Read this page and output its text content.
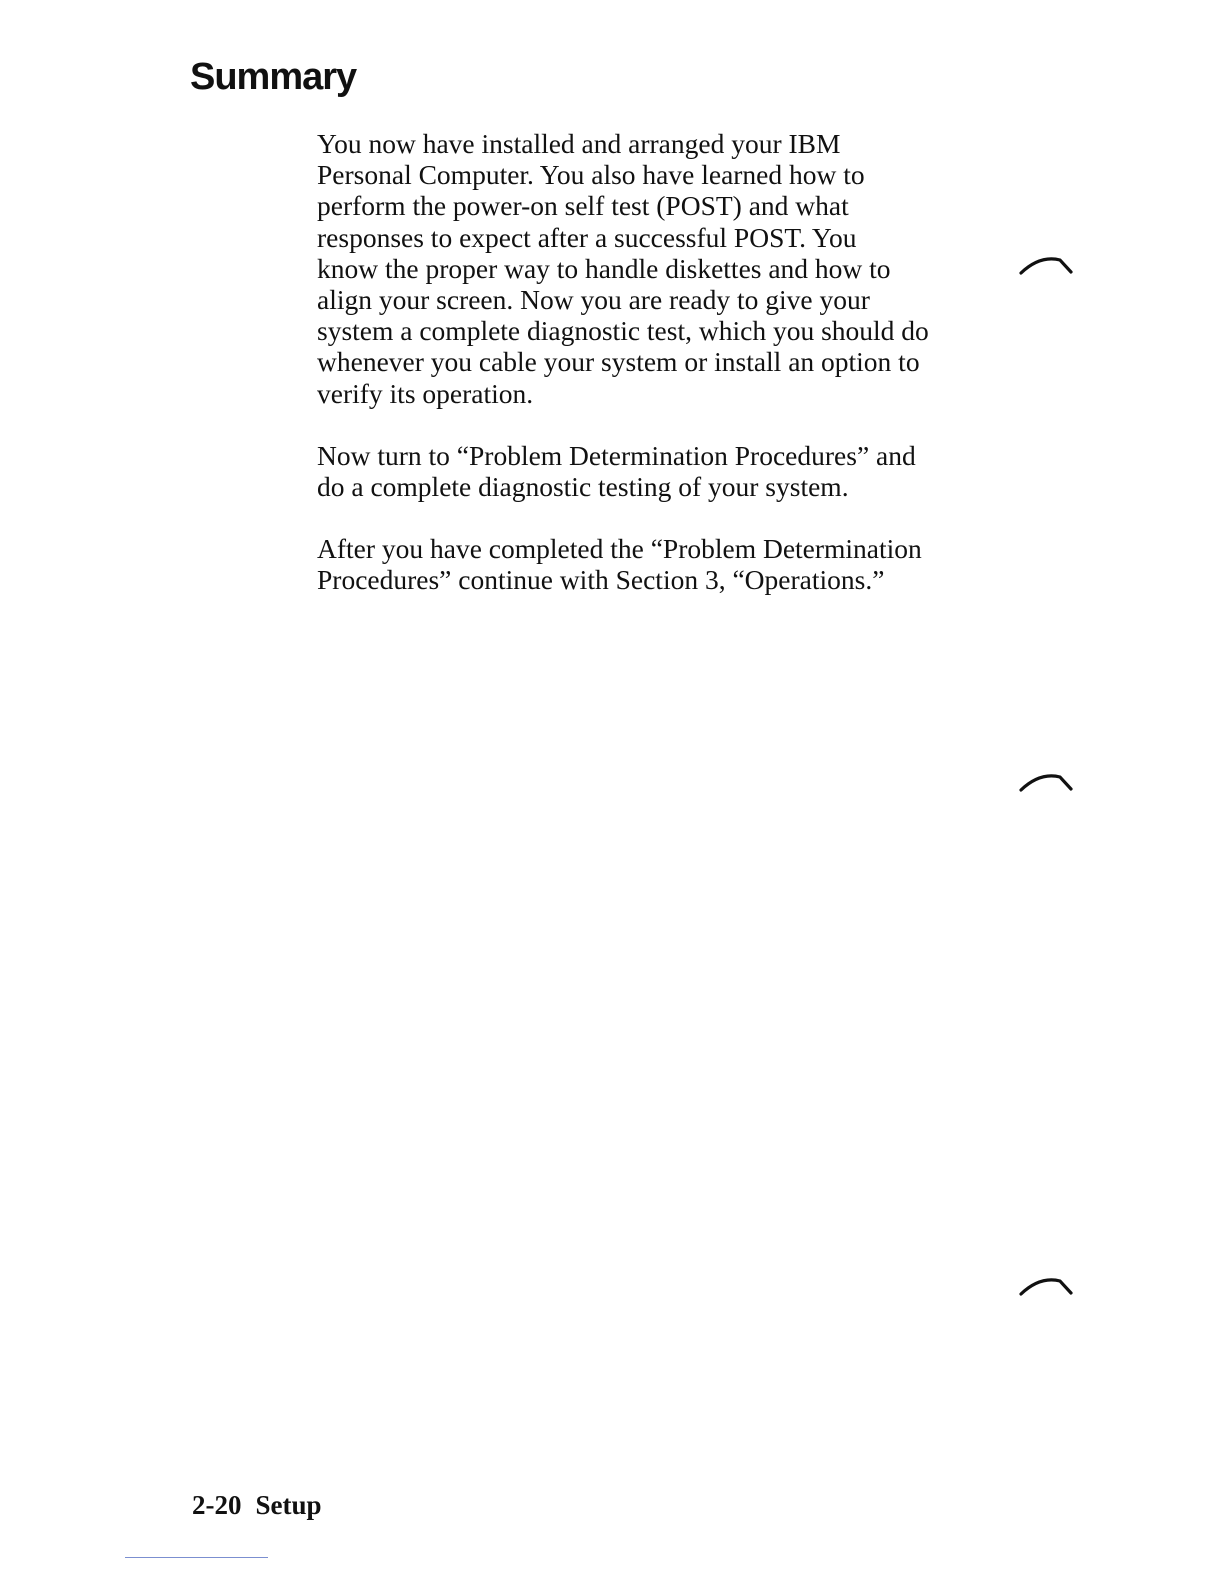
Summary

You now have installed and arranged your IBM
Personal Computer. You also have learned how to
perform the power-on self test (POST) and what
responses to expect after a successful POST. You
know the proper way to handle diskettes and how to
align your screen. Now you are ready to give your
system a complete diagnostic test, which you should do
whenever you cable your system or install an option to
verify its operation.

Now turn to “Problem Determination Procedures” and
do a complete diagnostic testing of your system.

After you have completed the “Problem Determination
Procedures” continue with Section 3, “Operations.”

2-20 Setup
